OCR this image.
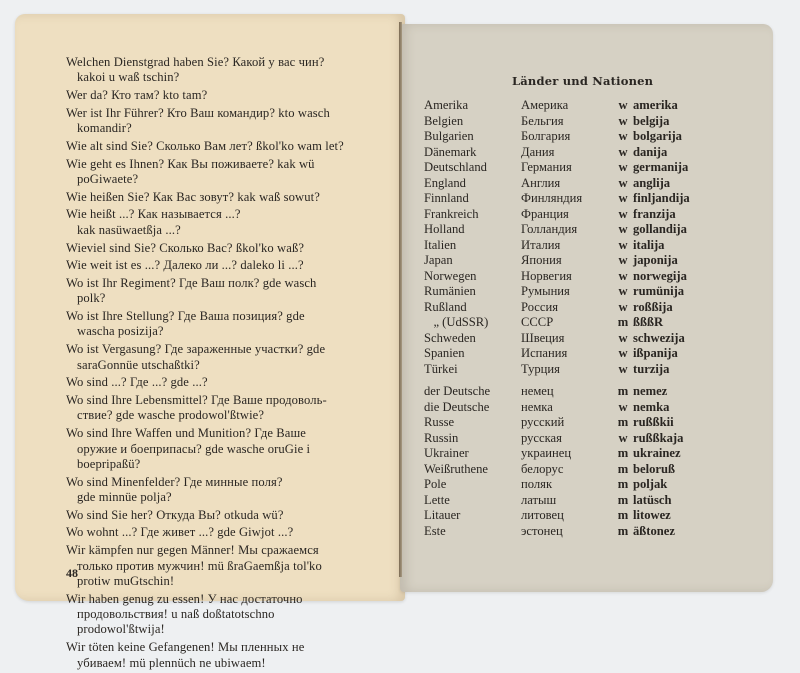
Welchen Dienstgrad haben Sie? Какой у вас чин?
kakoi u waß tschin?
Wer da? Кто там? kto tam?
Wer ist Ihr Führer? Кто Ваш командир? kto wasch
komandir?
Wie alt sind Sie? Сколько Вам лет? ßkol'ko wam let?
Wie geht es Ihnen? Как Вы поживаете? kak wü
poGiwaete?
Wie heißen Sie? Как Вас зовут? kak waß sowut?
Wie heißt ...? Как называется ...?
kak nasüwaetßja ...?
Wieviel sind Sie? Сколько Вас? ßkol'ko waß?
Wie weit ist es ...? Далеко ли ...? daleko li ...?
Wo ist Ihr Regiment? Где Ваш полк? gde wasch
polk?
Wo ist Ihre Stellung? Где Ваша позиция? gde
wascha posizija?
Wo ist Vergasung? Где зараженные участки? gde
saraGonnüe utschaßtki?
Wo sind ...? Где ...? gde ...?
Wo sind Ihre Lebensmittel? Где Ваше продоволь-
ствие? gde wasche prodowol'ßtwie?
Wo sind Ihre Waffen und Munition? Где Ваше
оружие и боеприпасы? gde wasche oruGie i
boepripaßü?
Wo sind Minenfelder? Где минные поля?
gde minnüe polja?
Wo sind Sie her? Откуда Вы? otkuda wü?
Wo wohnt ...? Где живет ...? gde Giwjot ...?
Wir kämpfen nur gegen Männer! Мы сражаемся
только против мужчин! mü ßraGaemßja tol'ko
protiw muGtschin!
Wir haben genug zu essen! У нас достаточно
продовольствия! u naß doßtatotschno
prodowol'ßtwija!
Wir töten keine Gefangenen! Мы пленных не
убиваем! mü plennüch ne ubiwaem!
48
Länder und Nationen
Amerika	Америка	w amerika
Belgien	Бельгия	w belgija
Bulgarien	Болгария	w bolgarija
Dänemark	Дания	w danija
Deutschland	Германия	w germanija
England	Англия	w anglija
Finnland	Финляндия	w finljandija
Frankreich	Франция	w franzija
Holland	Голландия	w gollandija
Italien	Италия	w italija
Japan	Япония	w japonija
Norwegen	Норвегия	w norwegija
Rumänien	Румыния	w rumünija
Rußland	Россия	w roßßija
„ (UdSSR)	СССР	m ßßßR
Schweden	Швеция	w schwezija
Spanien	Испания	w ißpanija
Türkei	Турция	w turzija
der Deutsche	немец	m nemez
die Deutsche	немка	w nemka
Russe	русский	m rußßkii
Russin	русская	w rußßkaja
Ukrainer	украинец	m ukrainez
Weißruthene	белорус	m beloruß
Pole	поляк	m poljak
Lette	латыш	m latüsch
Litauer	литовец	m litowez
Este	эстонец	m äßtonez
